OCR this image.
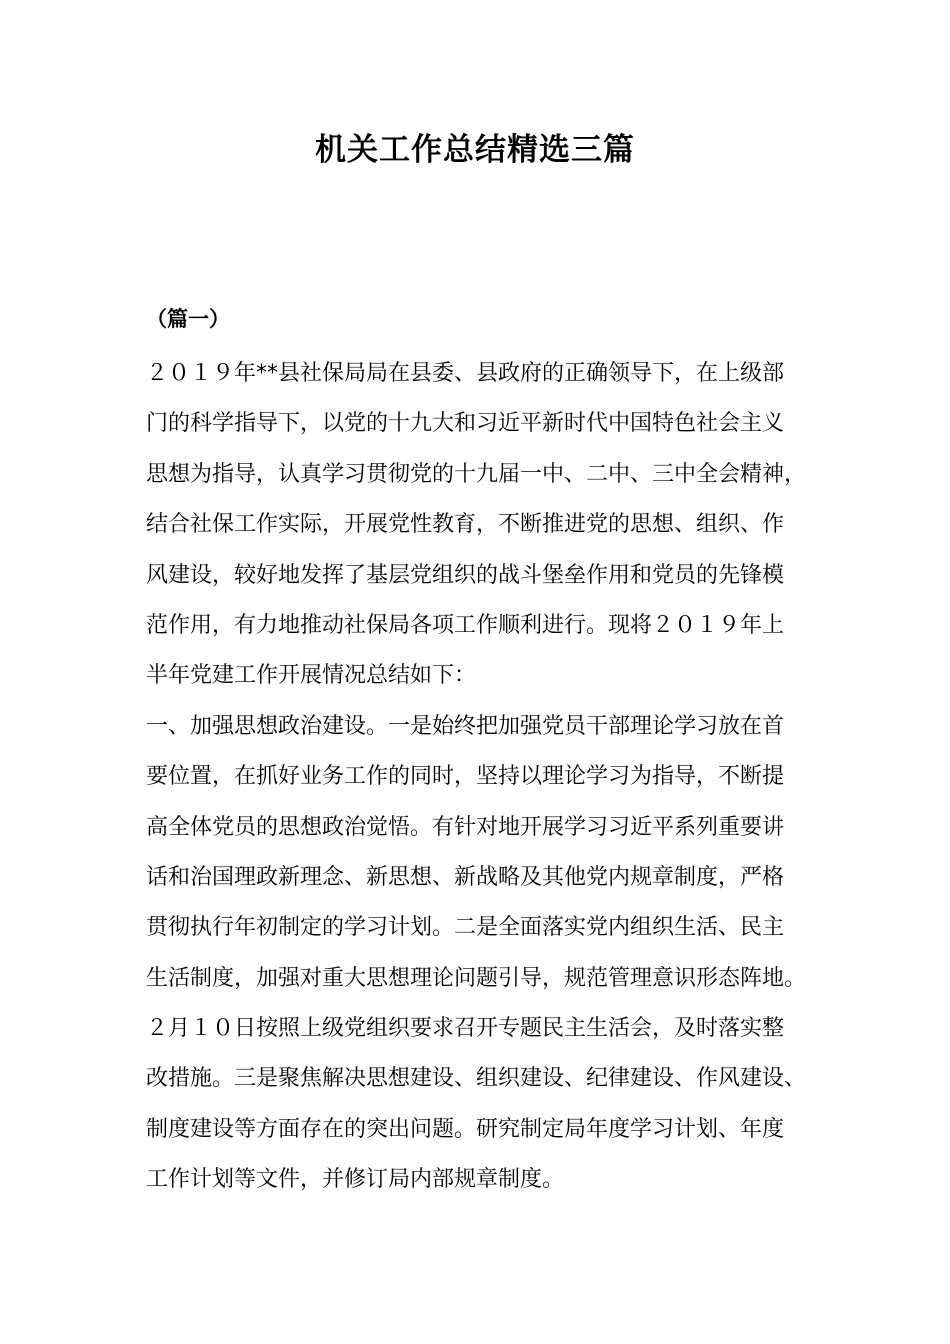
机关工作总结精选三篇
（篇一）
２０１９年**县社保局局在县委、县政府的正确领导下，在上级部
门的科学指导下，以党的十九大和习近平新时代中国特色社会主义
思想为指导，认真学习贯彻党的十九届一中、二中、三中全会精神，
结合社保工作实际，开展党性教育，不断推进党的思想、组织、作
风建设，较好地发挥了基层党组织的战斗堡垒作用和党员的先锋模
范作用，有力地推动社保局各项工作顺利进行。现将２０１９年上
半年党建工作开展情况总结如下：
一、加强思想政治建设。一是始终把加强党员干部理论学习放在首
要位置，在抓好业务工作的同时，坚持以理论学习为指导，不断提
高全体党员的思想政治觉悟。有针对地开展学习习近平系列重要讲
话和治国理政新理念、新思想、新战略及其他党内规章制度，严格
贯彻执行年初制定的学习计划。二是全面落实党内组织生活、民主
生活制度，加强对重大思想理论问题引导，规范管理意识形态阵地。
２月１０日按照上级党组织要求召开专题民主生活会，及时落实整
改措施。三是聚焦解决思想建设、组织建设、纪律建设、作风建设、
制度建设等方面存在的突出问题。研究制定局年度学习计划、年度
工作计划等文件，并修订局内部规章制度。
